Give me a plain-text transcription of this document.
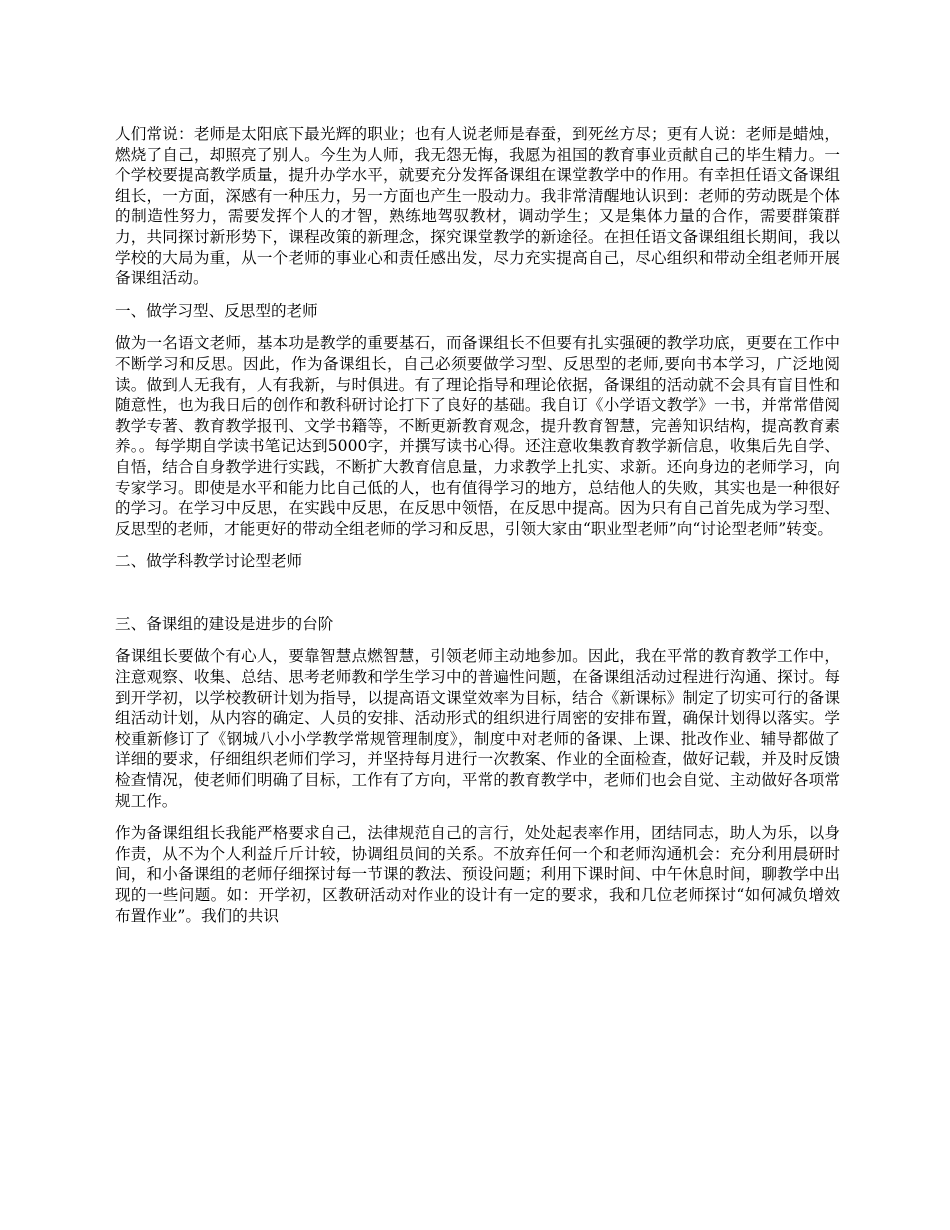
人们常说：老师是太阳底下最光辉的职业；也有人说老师是春蚕，到死丝方尽；更有人说：老师是蜡烛，燃烧了自己，却照亮了别人。今生为人师，我无怨无悔，我愿为祖国的教育事业贡献自己的毕生精力。一个学校要提高教学质量，提升办学水平，就要充分发挥备课组在课堂教学中的作用。有幸担任语文备课组组长，一方面，深感有一种压力，另一方面也产生一股动力。我非常清醒地认识到：老师的劳动既是个体的制造性努力，需要发挥个人的才智，熟练地驾驭教材，调动学生；又是集体力量的合作，需要群策群力，共同探讨新形势下，课程改策的新理念，探究课堂教学的新途径。在担任语文备课组组长期间，我以学校的大局为重，从一个老师的事业心和责任感出发，尽力充实提高自己，尽心组织和带动全组老师开展备课组活动。

一、做学习型、反思型的老师

做为一名语文老师，基本功是教学的重要基石，而备课组长不但要有扎实强硬的教学功底，更要在工作中不断学习和反思。因此，作为备课组长，自己必须要做学习型、反思型的老师,要向书本学习，广泛地阅读。做到人无我有，人有我新，与时俱进。有了理论指导和理论依据，备课组的活动就不会具有盲目性和随意性，也为我日后的创作和教科研讨论打下了良好的基础。我自订《小学语文教学》一书，并常常借阅教学专著、教育教学报刊、文学书籍等，不断更新教育观念，提升教育智慧，完善知识结构，提高教育素养。。每学期自学读书笔记达到5000字，并撰写读书心得。还注意收集教育教学新信息，收集后先自学、自悟，结合自身教学进行实践，不断扩大教育信息量，力求教学上扎实、求新。还向身边的老师学习，向专家学习。即使是水平和能力比自己低的人，也有值得学习的地方，总结他人的失败，其实也是一种很好的学习。在学习中反思，在实践中反思，在反思中领悟，在反思中提高。因为只有自己首先成为学习型、反思型的老师，才能更好的带动全组老师的学习和反思，引领大家由“职业型老师”向“讨论型老师”转变。

二、做学科教学讨论型老师

三、备课组的建设是进步的台阶

备课组长要做个有心人，要靠智慧点燃智慧，引领老师主动地参加。因此，我在平常的教育教学工作中，注意观察、收集、总结、思考老师教和学生学习中的普遍性问题，在备课组活动过程进行沟通、探讨。每到开学初，以学校教研计划为指导，以提高语文课堂效率为目标，结合《新课标》制定了切实可行的备课组活动计划，从内容的确定、人员的安排、活动形式的组织进行周密的安排布置，确保计划得以落实。学校重新修订了《钢城八小小学教学常规管理制度》，制度中对老师的备课、上课、批改作业、辅导都做了详细的要求，仔细组织老师们学习，并坚持每月进行一次教案、作业的全面检查，做好记载，并及时反馈检查情况，使老师们明确了目标，工作有了方向，平常的教育教学中，老师们也会自觉、主动做好各项常规工作。

作为备课组组长我能严格要求自己，法律规范自己的言行，处处起表率作用，团结同志，助人为乐，以身作责，从不为个人利益斤斤计较，协调组员间的关系。不放弃任何一个和老师沟通机会：充分利用晨研时间，和小备课组的老师仔细探讨每一节课的教法、预设问题；利用下课时间、中午休息时间，聊教学中出现的一些问题。如：开学初，区教研活动对作业的设计有一定的要求，我和几位老师探讨“如何减负增效布置作业”。我们的共识
